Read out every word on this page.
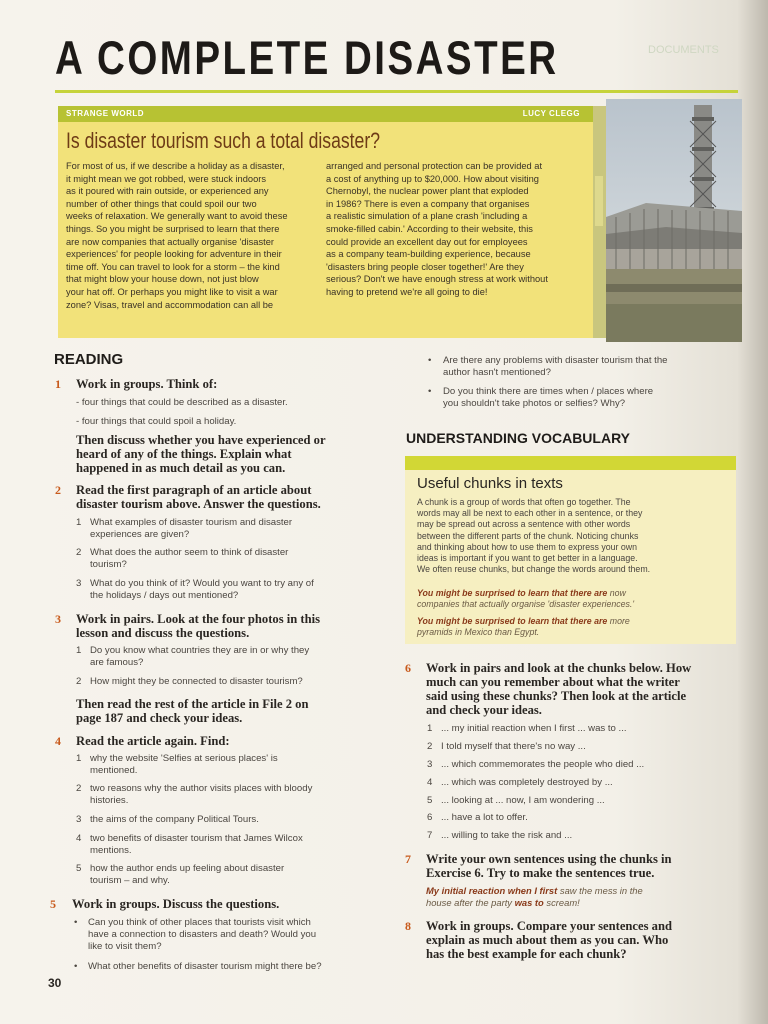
A COMPLETE DISASTER	DOCUMENTS
STRANGE WORLD	LUCY CLEGG
Is disaster tourism such a total disaster?
For most of us, if we describe a holiday as a disaster,
it might mean we got robbed, were stuck indoors
as it poured with rain outside, or experienced any
number of other things that could spoil our two
weeks of relaxation. We generally want to avoid these
things. So you might be surprised to learn that there
are now companies that actually organise 'disaster
experiences' for people looking for adventure in their
time off. You can travel to look for a storm – the kind
that might blow your house down, not just blow
your hat off. Or perhaps you might like to visit a war
zone? Visas, travel and accommodation can all be
arranged and personal protection can be provided at
a cost of anything up to $20,000. How about visiting
Chernobyl, the nuclear power plant that exploded
in 1986? There is even a company that organises
a realistic simulation of a plane crash 'including a
smoke-filled cabin.' According to their website, this
could provide an excellent day out for employees
as a company team-building experience, because
'disasters bring people closer together!' Are they
serious? Don't we have enough stress at work without
having to pretend we're all going to die!
READING
1 Work in groups. Think of:
- four things that could be described as a disaster.
- four things that could spoil a holiday.
Then discuss whether you have experienced or
heard of any of the things. Explain what
happened in as much detail as you can.
2 Read the first paragraph of an article about
disaster tourism above. Answer the questions.
1 What examples of disaster tourism and disaster
experiences are given?
2 What does the author seem to think of disaster
tourism?
3 What do you think of it? Would you want to try any of
the holidays / days out mentioned?
3 Work in pairs. Look at the four photos in this
lesson and discuss the questions.
1 Do you know what countries they are in or why they
are famous?
2 How might they be connected to disaster tourism?
Then read the rest of the article in File 2 on
page 187 and check your ideas.
4 Read the article again. Find:
1 why the website 'Selfies at serious places' is
mentioned.
2 two reasons why the author visits places with bloody
histories.
3 the aims of the company Political Tours.
4 two benefits of disaster tourism that James Wilcox
mentions.
5 how the author ends up feeling about disaster
tourism – and why.
5 Work in groups. Discuss the questions.
• Can you think of other places that tourists visit which
have a connection to disasters and death? Would you
like to visit them?
• What other benefits of disaster tourism might there be?
30
• Are there any problems with disaster tourism that the
author hasn't mentioned?
• Do you think there are times when / places where
you shouldn't take photos or selfies? Why?
UNDERSTANDING VOCABULARY
Useful chunks in texts
A chunk is a group of words that often go together. The
words may all be next to each other in a sentence, or they
may be spread out across a sentence with other words
between the different parts of the chunk. Noticing chunks
and thinking about how to use them to express your own
ideas is important if you want to get better in a language.
We often reuse chunks, but change the words around them.
You might be surprised to learn that there are now
companies that actually organise 'disaster experiences.'
You might be surprised to learn that there are more
pyramids in Mexico than Egypt.
6 Work in pairs and look at the chunks below. How
much can you remember about what the writer
said using these chunks? Then look at the article
and check your ideas.
1 ... my initial reaction when I first ... was to ...
2 I told myself that there's no way ...
3 ... which commemorates the people who died ...
4 ... which was completely destroyed by ...
5 ... looking at ... now, I am wondering ...
6 ... have a lot to offer.
7 ... willing to take the risk and ...
7 Write your own sentences using the chunks in
Exercise 6. Try to make the sentences true.
My initial reaction when I first saw the mess in the
house after the party was to scream!
8 Work in groups. Compare your sentences and
explain as much about them as you can. Who
has the best example for each chunk?
